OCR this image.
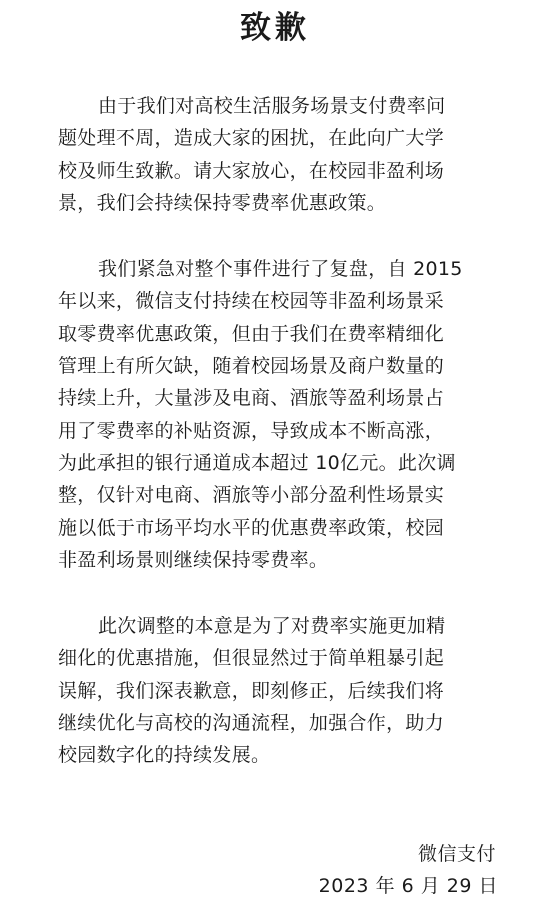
致歉

由于我们对高校生活服务场景支付费率问
题处理不周，造成大家的困扰，在此向广大学
校及师生致歉。请大家放心，在校园非盈利场
景，我们会持续保持零费率优惠政策。

我们紧急对整个事件进行了复盘，自 2015
年以来，微信支付持续在校园等非盈利场景采
取零费率优惠政策，但由于我们在费率精细化
管理上有所欠缺，随着校园场景及商户数量的
持续上升，大量涉及电商、酒旅等盈利场景占
用了零费率的补贴资源，导致成本不断高涨，
为此承担的银行通道成本超过 10亿元。此次调
整，仅针对电商、酒旅等小部分盈利性场景实
施以低于市场平均水平的优惠费率政策，校园
非盈利场景则继续保持零费率。

此次调整的本意是为了对费率实施更加精
细化的优惠措施，但很显然过于简单粗暴引起
误解，我们深表歉意，即刻修正，后续我们将
继续优化与高校的沟通流程，加强合作，助力
校园数字化的持续发展。

微信支付
2023 年 6 月 29 日
